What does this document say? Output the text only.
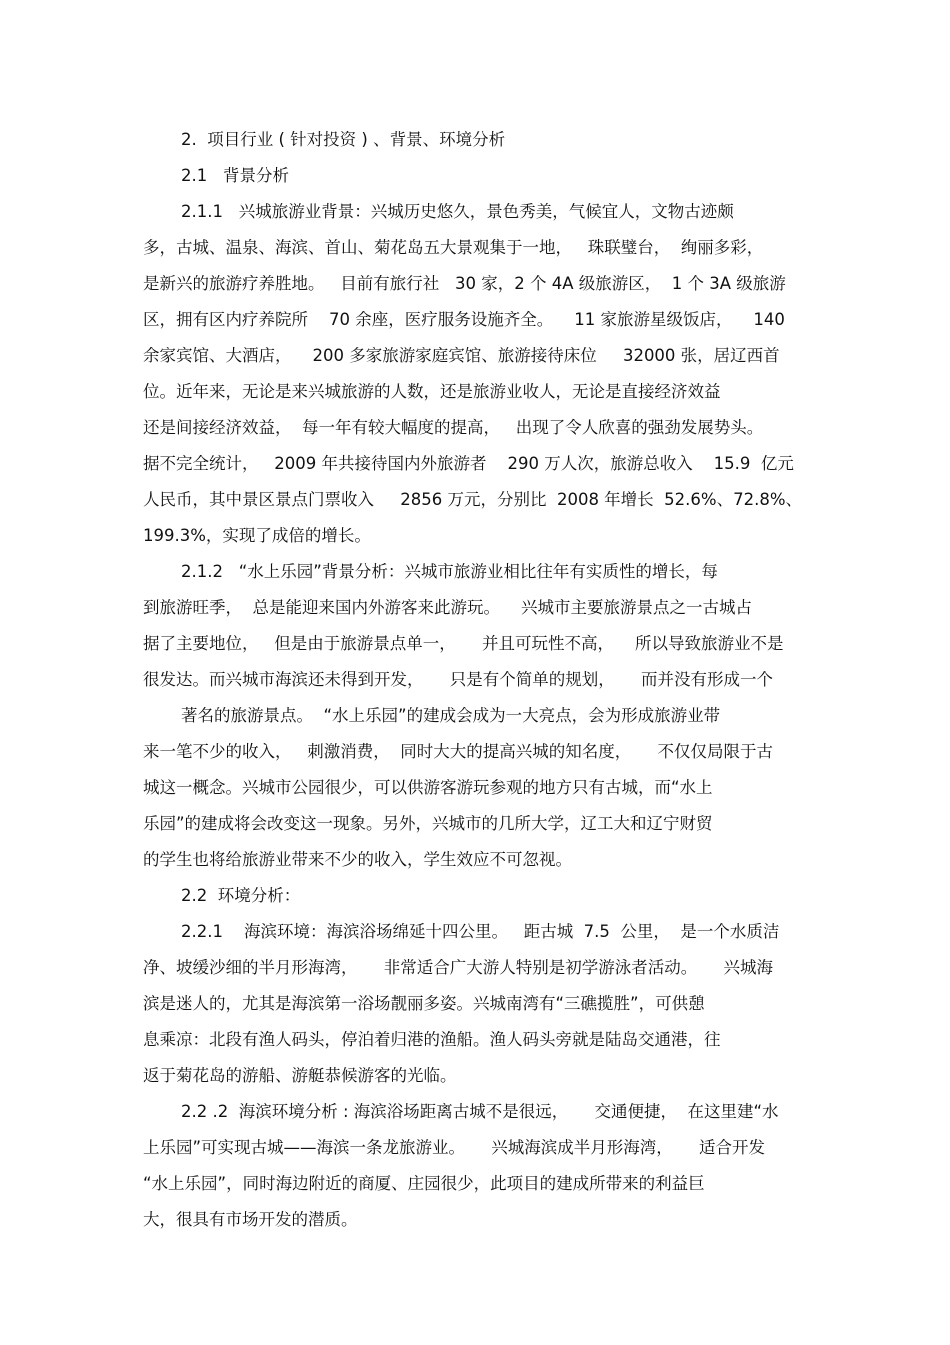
2.  项目行业 ( 针对投资 ) 、背景、环境分析
2.1   背景分析
2.1.1   兴城旅游业背景：兴城历史悠久，景色秀美，气候宜人，文物古迹颇
多，古城、温泉、海滨、首山、菊花岛五大景观集于一地，   珠联璧台，  绚丽多彩，
是新兴的旅游疗养胜地。   目前有旅行社   30 家，2 个 4A 级旅游区，  1 个 3A 级旅游
区，拥有区内疗养院所    70 余座，医疗服务设施齐全。    11 家旅游星级饭店，    140
余家宾馆、大酒店，    200 多家旅游家庭宾馆、旅游接待床位     32000 张，居辽西首
位。近年来，无论是来兴城旅游的人数，还是旅游业收人，无论是直接经济效益
还是间接经济效益，  每一年有较大幅度的提高，   出现了令人欣喜的强劲发展势头。
据不完全统计，   2009 年共接待国内外旅游者    290 万人次，旅游总收入    15.9  亿元
人民币，其中景区景点门票收入     2856 万元，分别比  2008 年增长  52.6%、72.8%、
199.3%，实现了成倍的增长。
2.1.2   “水上乐园”背景分析：兴城市旅游业相比往年有实质性的增长，每
到旅游旺季，  总是能迎来国内外游客来此游玩。    兴城市主要旅游景点之一古城占
据了主要地位，   但是由于旅游景点单一，     并且可玩性不高，    所以导致旅游业不是
很发达。而兴城市海滨还未得到开发，     只是有个简单的规划，     而并没有形成一个
著名的旅游景点。  “水上乐园”的建成会成为一大亮点，会为形成旅游业带
来一笔不少的收入，   刺激消费，  同时大大的提高兴城的知名度，     不仅仅局限于古
城这一概念。兴城市公园很少，可以供游客游玩参观的地方只有古城，而“水上
乐园”的建成将会改变这一现象。另外，兴城市的几所大学，辽工大和辽宁财贸
的学生也将给旅游业带来不少的收入，学生效应不可忽视。
2.2  环境分析：
2.2.1    海滨环境：海滨浴场绵延十四公里。   距古城  7.5  公里，  是一个水质洁
净、坡缓沙细的半月形海湾，     非常适合广大游人特别是初学游泳者活动。     兴城海
滨是迷人的，尤其是海滨第一浴场靓丽多姿。兴城南湾有“三礁揽胜”，可供憩
息乘凉：北段有渔人码头，停泊着归港的渔船。渔人码头旁就是陆岛交通港，往
返于菊花岛的游船、游艇恭候游客的光临。
2.2 .2  海滨环境分析 : 海滨浴场距离古城不是很远，     交通便捷，  在这里建“水
上乐园”可实现古城——海滨一条龙旅游业。     兴城海滨成半月形海湾，     适合开发
“水上乐园”，同时海边附近的商厦、庄园很少，此项目的建成所带来的利益巨
大，很具有市场开发的潜质。
